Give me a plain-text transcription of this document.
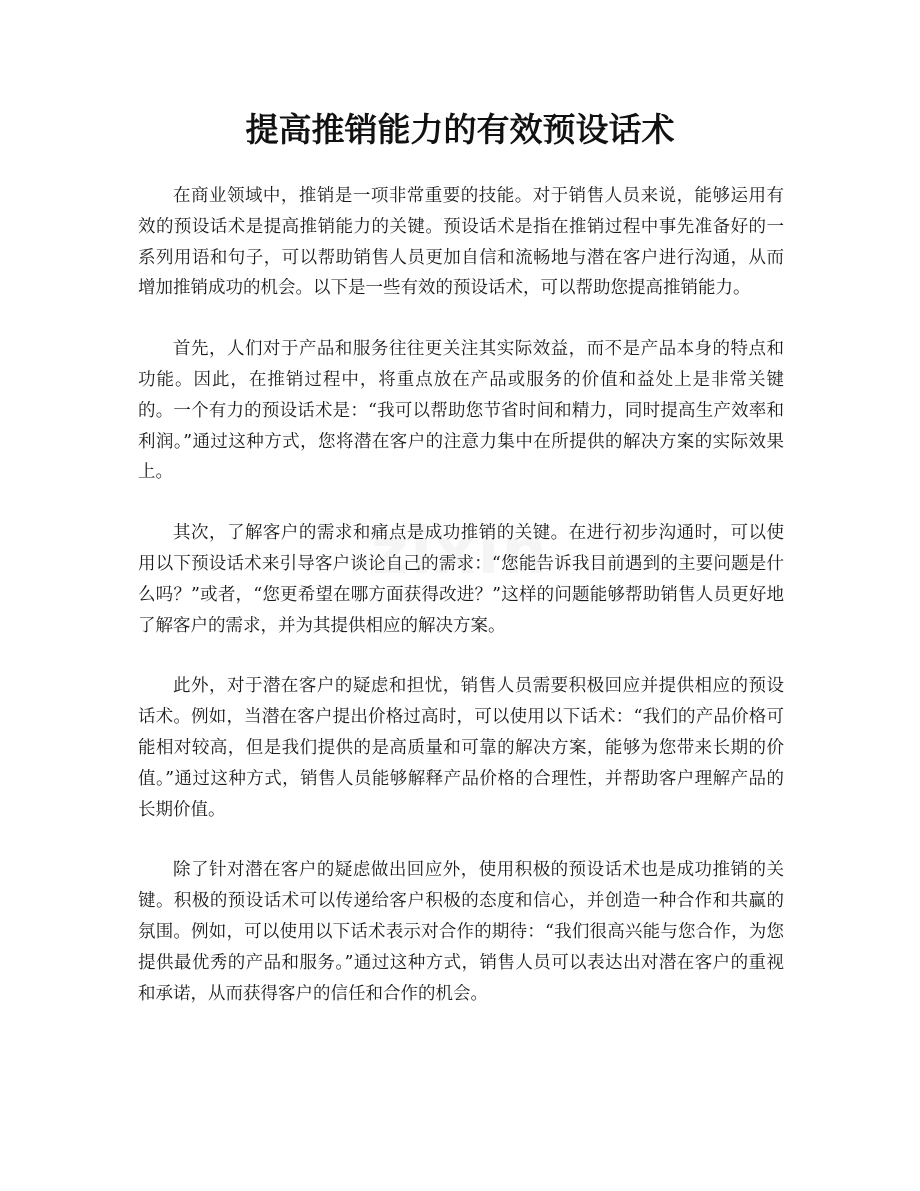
zixin
提高推销能力的有效预设话术

在商业领域中，推销是一项非常重要的技能。对于销售人员来说，能够运用有效的预设话术是提高推销能力的关键。预设话术是指在推销过程中事先准备好的一系列用语和句子，可以帮助销售人员更加自信和流畅地与潜在客户进行沟通，从而增加推销成功的机会。以下是一些有效的预设话术，可以帮助您提高推销能力。

首先，人们对于产品和服务往往更关注其实际效益，而不是产品本身的特点和功能。因此，在推销过程中，将重点放在产品或服务的价值和益处上是非常关键的。一个有力的预设话术是：“我可以帮助您节省时间和精力，同时提高生产效率和利润。”通过这种方式，您将潜在客户的注意力集中在所提供的解决方案的实际效果上。

其次，了解客户的需求和痛点是成功推销的关键。在进行初步沟通时，可以使用以下预设话术来引导客户谈论自己的需求：“您能告诉我目前遇到的主要问题是什么吗？”或者，“您更希望在哪方面获得改进？”这样的问题能够帮助销售人员更好地了解客户的需求，并为其提供相应的解决方案。

此外，对于潜在客户的疑虑和担忧，销售人员需要积极回应并提供相应的预设话术。例如，当潜在客户提出价格过高时，可以使用以下话术：“我们的产品价格可能相对较高，但是我们提供的是高质量和可靠的解决方案，能够为您带来长期的价值。”通过这种方式，销售人员能够解释产品价格的合理性，并帮助客户理解产品的长期价值。

除了针对潜在客户的疑虑做出回应外，使用积极的预设话术也是成功推销的关键。积极的预设话术可以传递给客户积极的态度和信心，并创造一种合作和共赢的氛围。例如，可以使用以下话术表示对合作的期待：“我们很高兴能与您合作，为您提供最优秀的产品和服务。”通过这种方式，销售人员可以表达出对潜在客户的重视和承诺，从而获得客户的信任和合作的机会。
